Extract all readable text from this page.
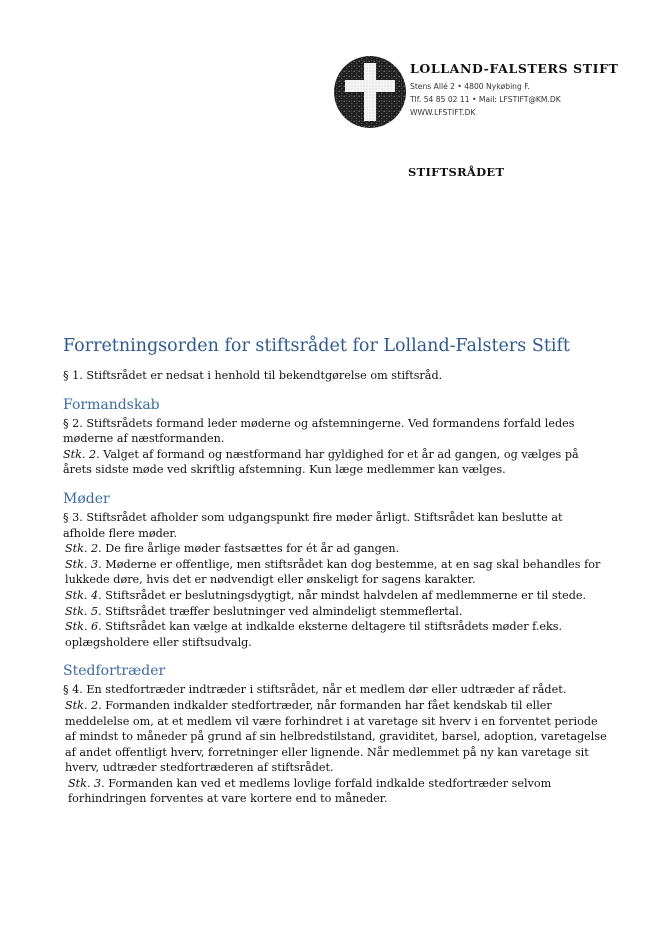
LOLLAND-FALSTERS STIFT
Stens Allé 2 • 4800 Nykøbing F.
Tlf. 54 85 02 11 • Mail: LFSTIFT@KM.DK
WWW.LFSTIFT.DK
STIFTSRÅDET
Forretningsorden for stiftsrådet for Lolland-Falsters Stift

§ 1. Stiftsrådet er nedsat i henhold til bekendtgørelse om stiftsråd.

Formandskab

§ 2. Stiftsrådets formand leder møderne og afstemningerne. Ved formandens forfald ledes møderne af næstformanden.

Stk. 2. Valget af formand og næstformand har gyldighed for et år ad gangen, og vælges på årets sidste møde ved skriftlig afstemning. Kun læge medlemmer kan vælges.

Møder

§ 3. Stiftsrådet afholder som udgangspunkt fire møder årligt. Stiftsrådet kan beslutte at afholde flere møder.

Stk. 2. De fire årlige møder fastsættes for ét år ad gangen.

Stk. 3. Møderne er offentlige, men stiftsrådet kan dog bestemme, at en sag skal behandles for lukkede døre, hvis det er nødvendigt eller ønskeligt for sagens karakter.

Stk. 4. Stiftsrådet er beslutningsdygtigt, når mindst halvdelen af medlemmerne er til stede.

Stk. 5. Stiftsrådet træffer beslutninger ved almindeligt stemmeflertal.

Stk. 6. Stiftsrådet kan vælge at indkalde eksterne deltagere til stiftsrådets møder f.eks. oplægsholdere eller stiftsudvalg.

Stedfortræder

§ 4. En stedfortræder indtræder i stiftsrådet, når et medlem dør eller udtræder af rådet.

Stk. 2. Formanden indkalder stedfortræder, når formanden har fået kendskab til eller meddelelse om, at et medlem vil være forhindret i at varetage sit hverv i en forventet periode af mindst to måneder på grund af sin helbredstilstand, graviditet, barsel, adoption, varetagelse af andet offentligt hverv, forretninger eller lignende. Når medlemmet på ny kan varetage sit hverv, udtræder stedfortræderen af stiftsrådet.

Stk. 3. Formanden kan ved et medlems lovlige forfald indkalde stedfortræder selvom forhindringen forventes at vare kortere end to måneder.
